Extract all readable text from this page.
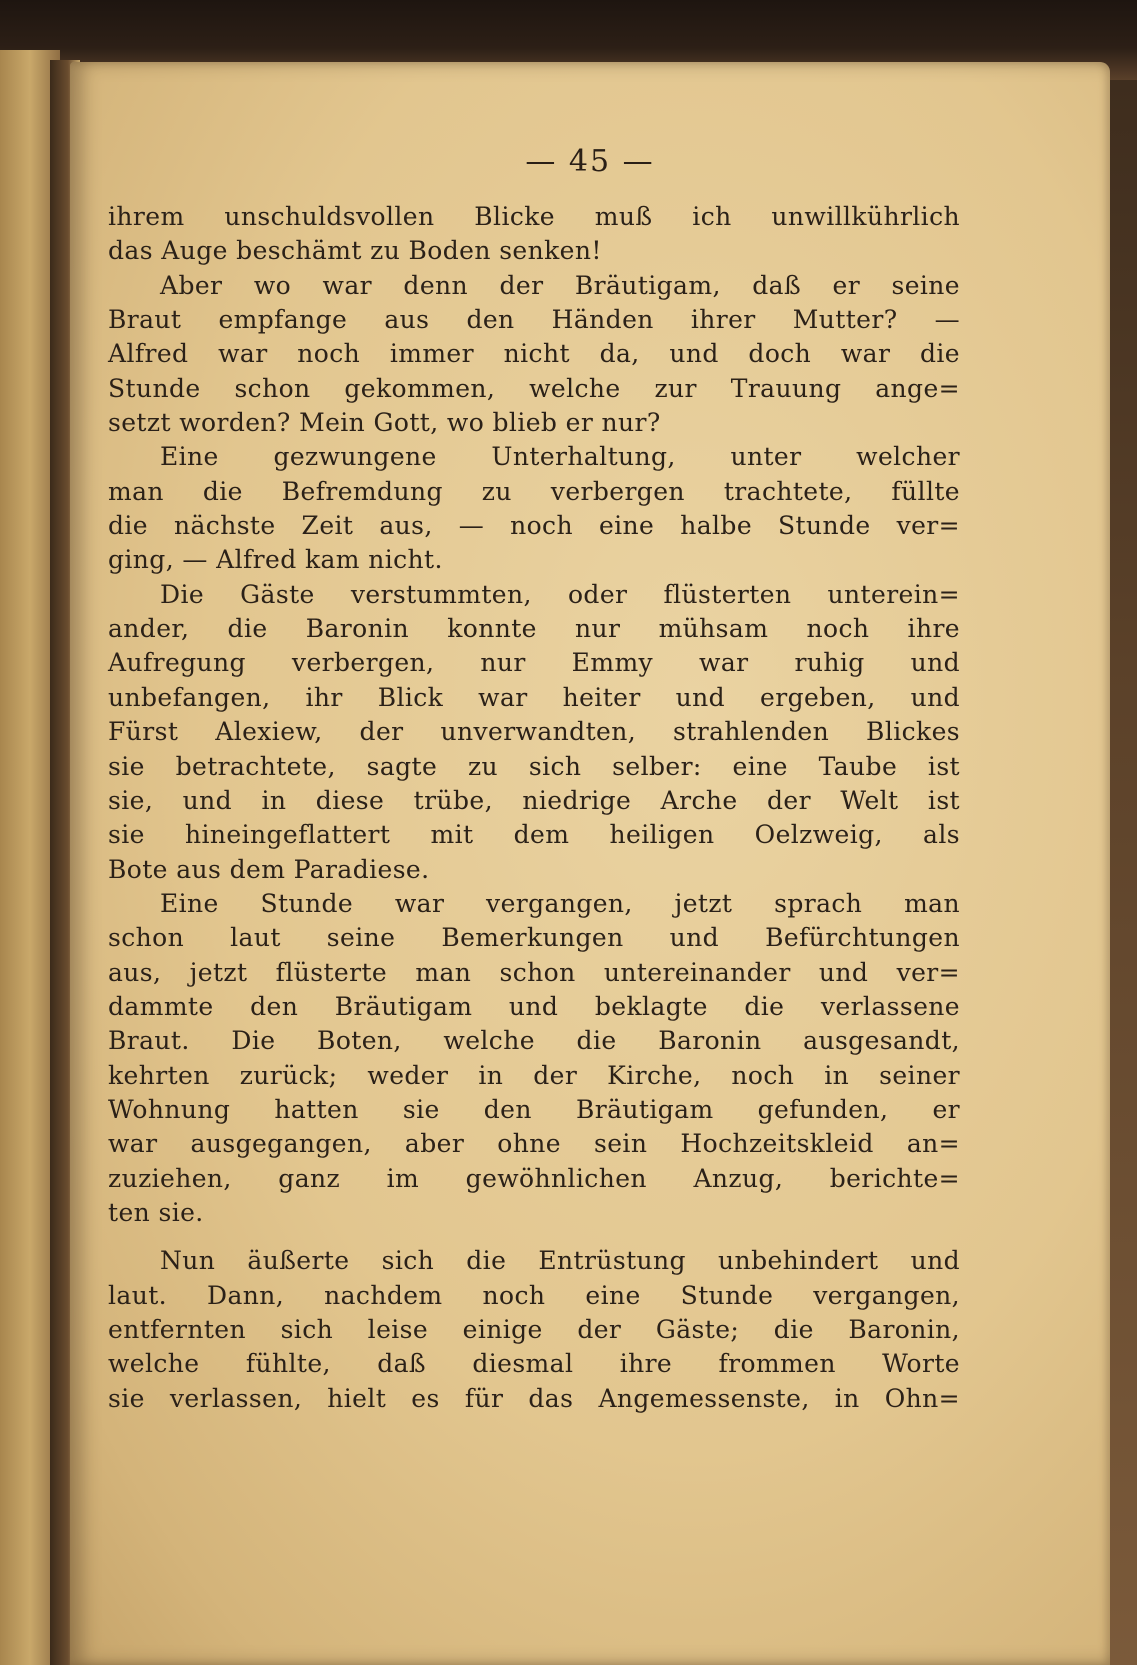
— 45 —
ihrem unschuldsvollen Blicke muß ich unwillkührlich
das Auge beschämt zu Boden senken!
Aber wo war denn der Bräutigam, daß er seine
Braut empfange aus den Händen ihrer Mutter? —
Alfred war noch immer nicht da, und doch war die
Stunde schon gekommen, welche zur Trauung ange=
setzt worden? Mein Gott, wo blieb er nur?
Eine gezwungene Unterhaltung, unter welcher
man die Befremdung zu verbergen trachtete, füllte
die nächste Zeit aus, — noch eine halbe Stunde ver=
ging, — Alfred kam nicht.
Die Gäste verstummten, oder flüsterten unterein=
ander, die Baronin konnte nur mühsam noch ihre
Aufregung verbergen, nur Emmy war ruhig und
unbefangen, ihr Blick war heiter und ergeben, und
Fürst Alexiew, der unverwandten, strahlenden Blickes
sie betrachtete, sagte zu sich selber: eine Taube ist
sie, und in diese trübe, niedrige Arche der Welt ist
sie hineingeflattert mit dem heiligen Oelzweig, als
Bote aus dem Paradiese.
Eine Stunde war vergangen, jetzt sprach man
schon laut seine Bemerkungen und Befürchtungen
aus, jetzt flüsterte man schon untereinander und ver=
dammte den Bräutigam und beklagte die verlassene
Braut. Die Boten, welche die Baronin ausgesandt,
kehrten zurück; weder in der Kirche, noch in seiner
Wohnung hatten sie den Bräutigam gefunden, er
war ausgegangen, aber ohne sein Hochzeitskleid an=
zuziehen, ganz im gewöhnlichen Anzug, berichte=
ten sie.
Nun äußerte sich die Entrüstung unbehindert und
laut. Dann, nachdem noch eine Stunde vergangen,
entfernten sich leise einige der Gäste; die Baronin,
welche fühlte, daß diesmal ihre frommen Worte
sie verlassen, hielt es für das Angemessenste, in Ohn=
